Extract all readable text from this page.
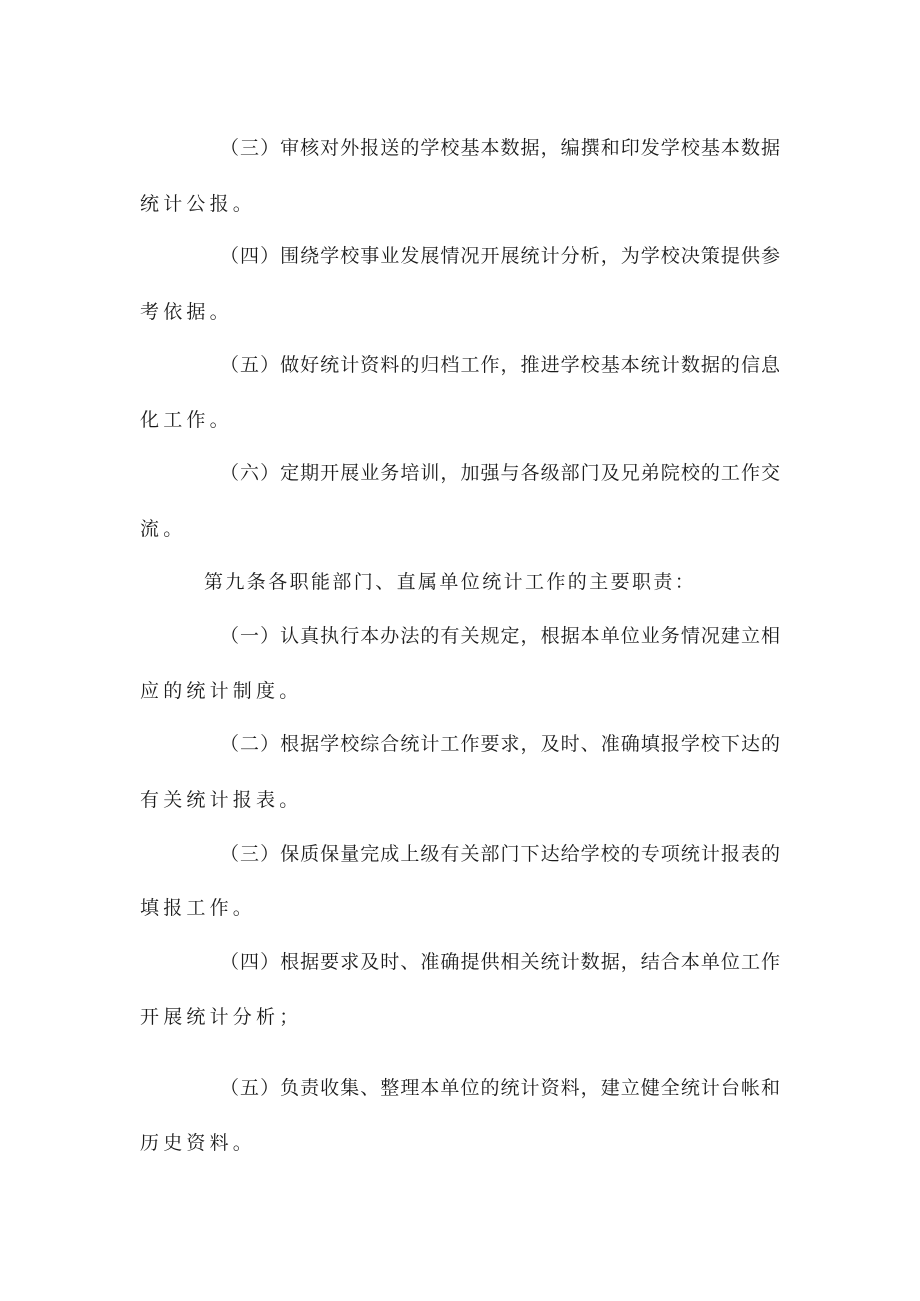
（三）审核对外报送的学校基本数据，编撰和印发学校基本数据
统计公报。
（四）围绕学校事业发展情况开展统计分析，为学校决策提供参
考依据。
（五）做好统计资料的归档工作，推进学校基本统计数据的信息
化工作。
（六）定期开展业务培训，加强与各级部门及兄弟院校的工作交
流。
第九条各职能部门、直属单位统计工作的主要职责：
（一）认真执行本办法的有关规定，根据本单位业务情况建立相
应的统计制度。
（二）根据学校综合统计工作要求，及时、准确填报学校下达的
有关统计报表。
（三）保质保量完成上级有关部门下达给学校的专项统计报表的
填报工作。
（四）根据要求及时、准确提供相关统计数据，结合本单位工作
开展统计分析；
（五）负责收集、整理本单位的统计资料，建立健全统计台帐和
历史资料。
